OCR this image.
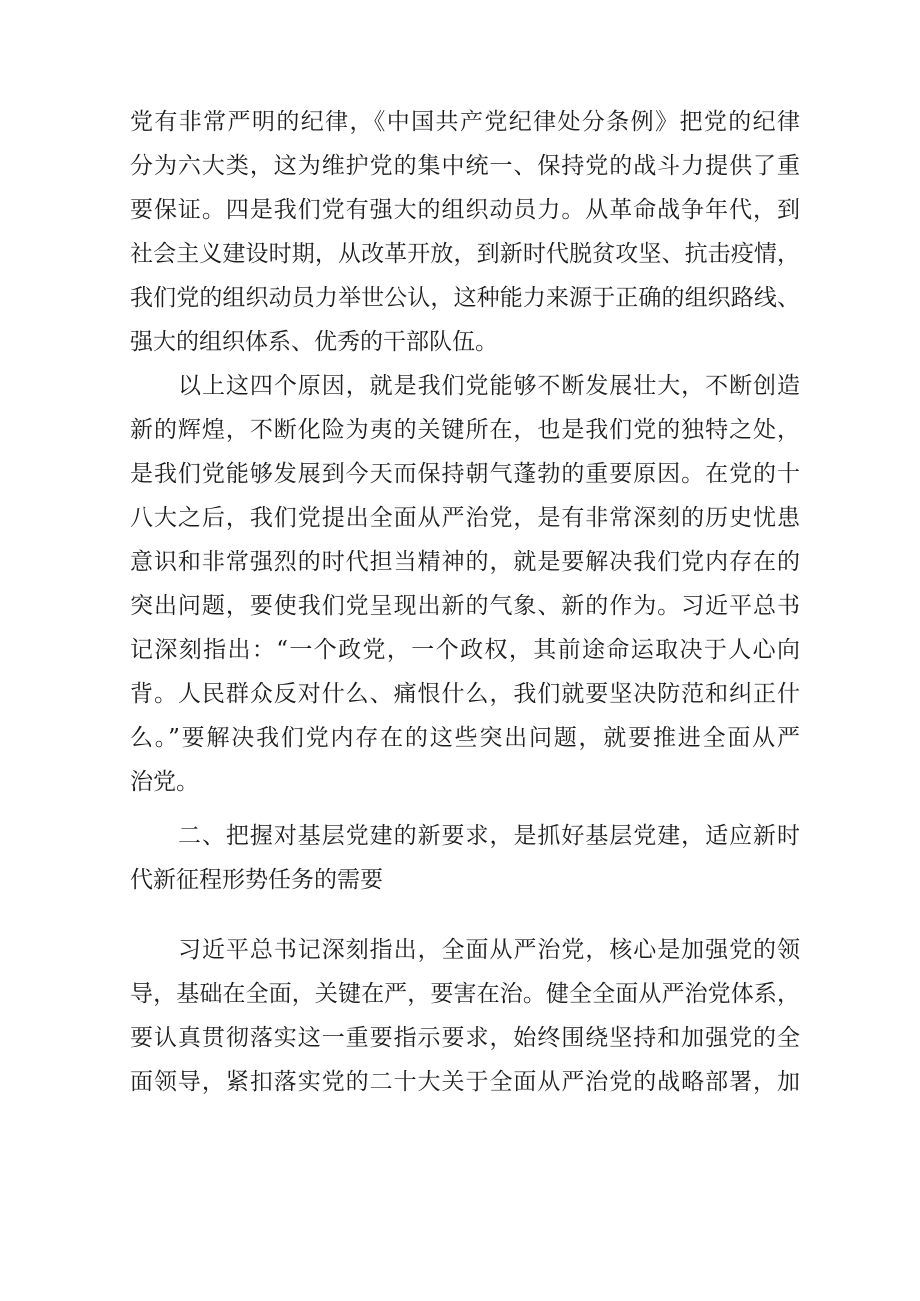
党有非常严明的纪律，《中国共产党纪律处分条例》把党的纪律
分为六大类，这为维护党的集中统一、保持党的战斗力提供了重
要保证。四是我们党有强大的组织动员力。从革命战争年代，到
社会主义建设时期，从改革开放，到新时代脱贫攻坚、抗击疫情，
我们党的组织动员力举世公认，这种能力来源于正确的组织路线、
强大的组织体系、优秀的干部队伍。
以上这四个原因，就是我们党能够不断发展壮大，不断创造
新的辉煌，不断化险为夷的关键所在，也是我们党的独特之处，
是我们党能够发展到今天而保持朝气蓬勃的重要原因。在党的十
八大之后，我们党提出全面从严治党，是有非常深刻的历史忧患
意识和非常强烈的时代担当精神的，就是要解决我们党内存在的
突出问题，要使我们党呈现出新的气象、新的作为。习近平总书
记深刻指出：“一个政党，一个政权，其前途命运取决于人心向
背。人民群众反对什么、痛恨什么，我们就要坚决防范和纠正什
么。”要解决我们党内存在的这些突出问题，就要推进全面从严
治党。
二、把握对基层党建的新要求，是抓好基层党建，适应新时
代新征程形势任务的需要
习近平总书记深刻指出，全面从严治党，核心是加强党的领
导，基础在全面，关键在严，要害在治。健全全面从严治党体系，
要认真贯彻落实这一重要指示要求，始终围绕坚持和加强党的全
面领导，紧扣落实党的二十大关于全面从严治党的战略部署，加
